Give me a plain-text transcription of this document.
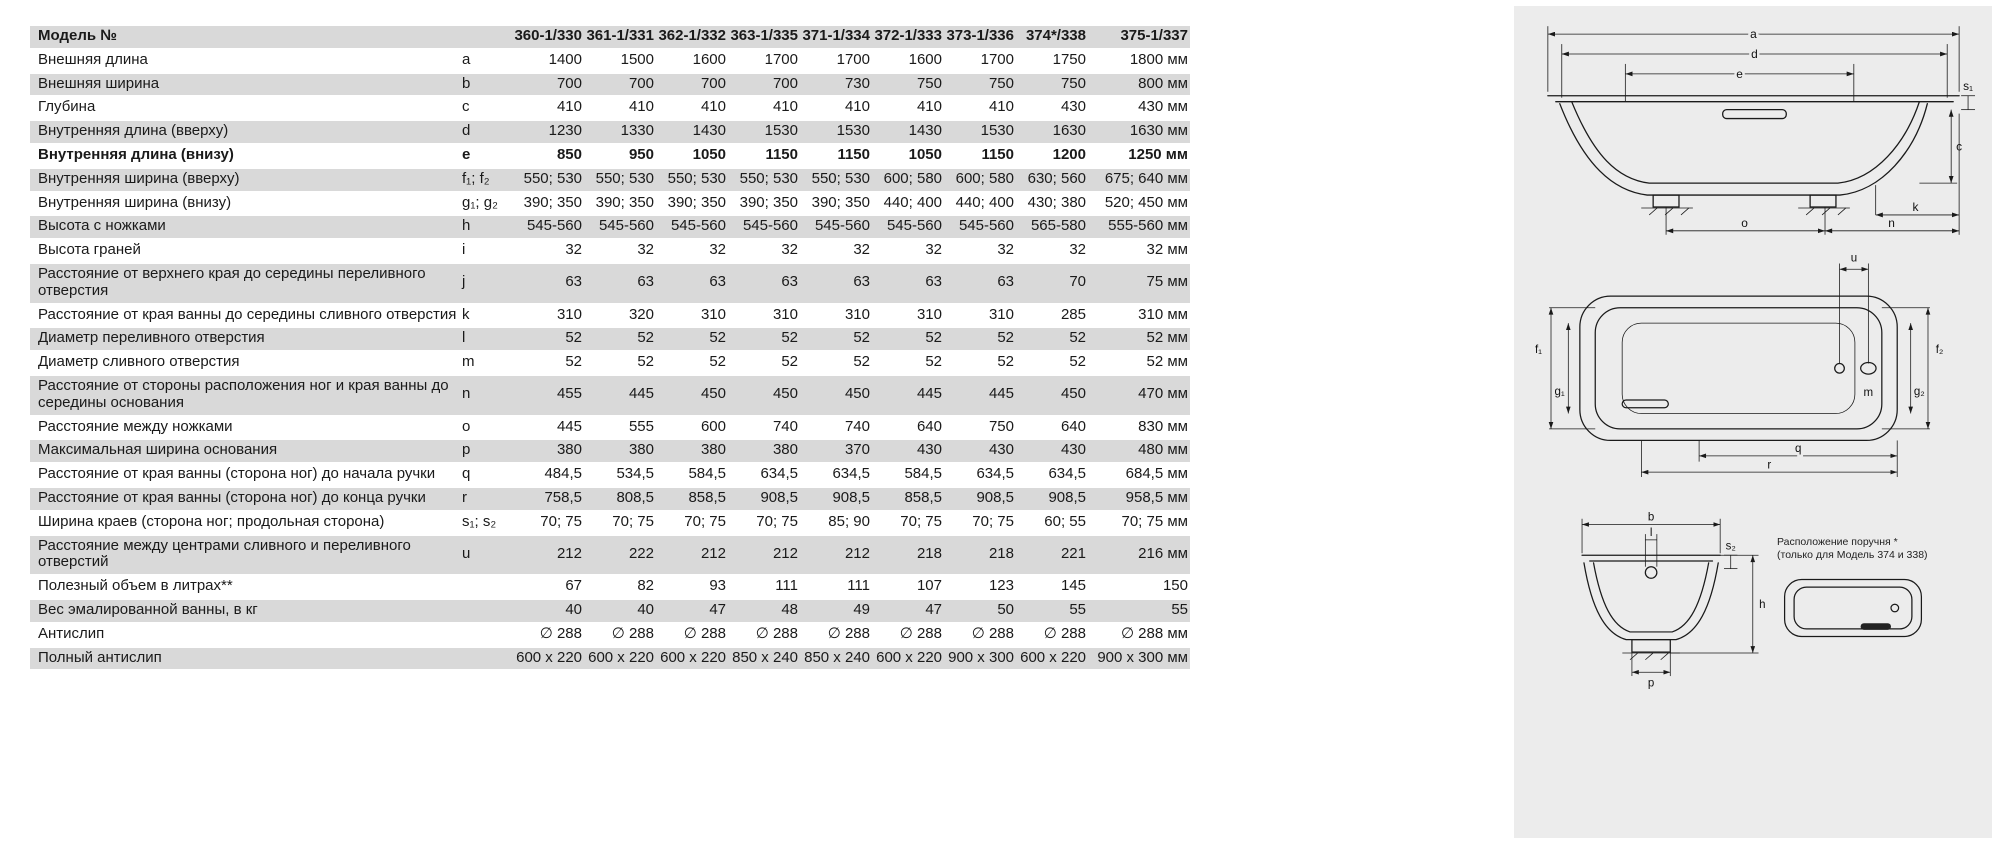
Модель №		360-1/330	361-1/331	362-1/332	363-1/335	371-1/334	372-1/333	373-1/336	374*/338	375-1/337
Внешняя длина	a	1400	1500	1600	1700	1700	1600	1700	1750	1800 мм
Внешняя ширина	b	700	700	700	700	730	750	750	750	800 мм
Глубина	c	410	410	410	410	410	410	410	430	430 мм
Внутренняя длина (вверху)	d	1230	1330	1430	1530	1530	1430	1530	1630	1630 мм
Внутренняя длина (внизу)	e	850	950	1050	1150	1150	1050	1150	1200	1250 мм
Внутренняя ширина (вверху)	f₁; f₂	550; 530	550; 530	550; 530	550; 530	550; 530	600; 580	600; 580	630; 560	675; 640 мм
Внутренняя ширина (внизу)	g₁; g₂	390; 350	390; 350	390; 350	390; 350	390; 350	440; 400	440; 400	430; 380	520; 450 мм
Высота с ножками	h	545-560	545-560	545-560	545-560	545-560	545-560	545-560	565-580	555-560 мм
Высота граней	i	32	32	32	32	32	32	32	32	32 мм
Расстояние от верхнего края до середины переливного отверстия	j	63	63	63	63	63	63	63	70	75 мм
Расстояние от края ванны до середины сливного отверстия	k	310	320	310	310	310	310	310	285	310 мм
Диаметр переливного отверстия	l	52	52	52	52	52	52	52	52	52 мм
Диаметр сливного отверстия	m	52	52	52	52	52	52	52	52	52 мм
Расстояние от стороны расположения ног и края ванны до середины основания	n	455	445	450	450	450	445	445	450	470 мм
Расстояние между ножками	o	445	555	600	740	740	640	750	640	830 мм
Максимальная ширина основания	p	380	380	380	380	370	430	430	430	480 мм
Расстояние от края ванны (сторона ног) до начала ручки	q	484,5	534,5	584,5	634,5	634,5	584,5	634,5	634,5	684,5 мм
Расстояние от края ванны (сторона ног) до конца ручки	r	758,5	808,5	858,5	908,5	908,5	858,5	908,5	908,5	958,5 мм
Ширина краев (сторона ног; продольная сторона)	s₁; s₂	70; 75	70; 75	70; 75	70; 75	85; 90	70; 75	70; 75	60; 55	70; 75 мм
Расстояние между центрами сливного и переливного отверстий	u	212	222	212	212	212	218	218	221	216 мм
Полезный объем в литрах**		67	82	93	111	111	107	123	145	150
Вес эмалированной ванны, в кг		40	40	47	48	49	47	50	55	55
Антислип		∅ 288	∅ 288	∅ 288	∅ 288	∅ 288	∅ 288	∅ 288	∅ 288	∅ 288 мм
Полный антислип		600 x 220	600 x 220	600 x 220	850 x 240	850 x 240	600 x 220	900 x 300	600 x 220	900 x 300 мм
a
d
e
s₁
c
k
n
o
u
m
f₁
g₁	g₂
f₂
q
r
b
l
s₂
h
p
Расположение поручня *
(только для Модель 374 и 338)
